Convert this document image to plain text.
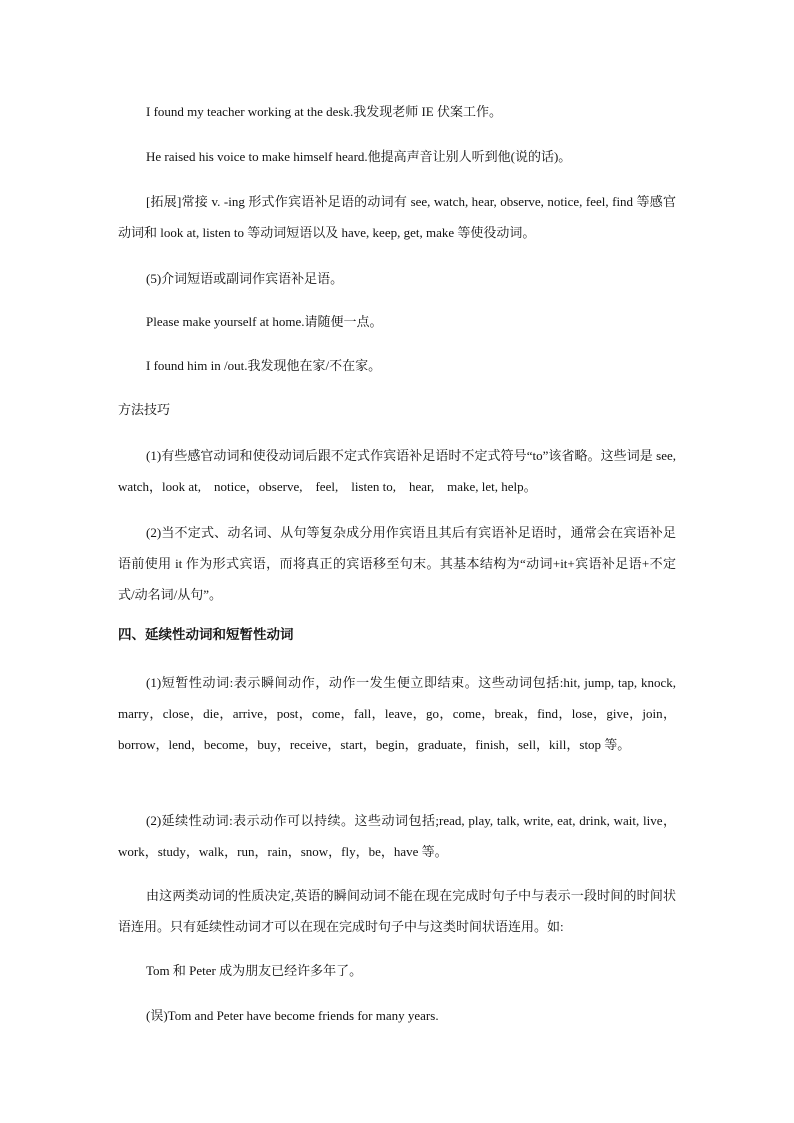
I found my teacher working at the desk.我发现老师 IE 伏案工作。

He raised his voice to make himself heard.他提高声音让别人听到他(说的话)。

[拓展]常接 v. -ing 形式作宾语补足语的动词有 see, watch, hear, observe, notice, feel, find 等感官动词和 look at, listen to 等动词短语以及 have, keep, get, make 等使役动词。

(5)介词短语或副词作宾语补足语。

Please make yourself at home.请随便一点。

I found him in /out.我发现他在家/不在家。

方法技巧

(1)有些感官动词和使役动词后跟不定式作宾语补足语时不定式符号“to”该省略。这些词是 see, watch，look at,　notice，observe,　feel,　listen to,　hear,　make, let, help。

(2)当不定式、动名词、从句等复杂成分用作宾语且其后有宾语补足语时，通常会在宾语补足语前使用 it 作为形式宾语，而将真正的宾语移至句末。其基本结构为“动词+it+宾语补足语+不定式/动名词/从句”。

四、延续性动词和短暂性动词

(1)短暂性动词:表示瞬间动作，动作一发生便立即结束。这些动词包括:hit, jump, tap, knock, marry，close，die，arrive，post，come，fall，leave，go，come，break，find，lose，give，join，borrow，lend，become，buy，receive，start，begin，graduate，finish，sell，kill，stop 等。

(2)延续性动词:表示动作可以持续。这些动词包括;read, play, talk, write, eat, drink, wait, live，work，study，walk，run，rain，snow，fly，be，have 等。

由这两类动词的性质决定,英语的瞬间动词不能在现在完成时句子中与表示一段时间的时间状语连用。只有延续性动词才可以在现在完成时句子中与这类时间状语连用。如:

Tom 和 Peter 成为朋友已经许多年了。

(误)Tom and Peter have become friends for many years.
